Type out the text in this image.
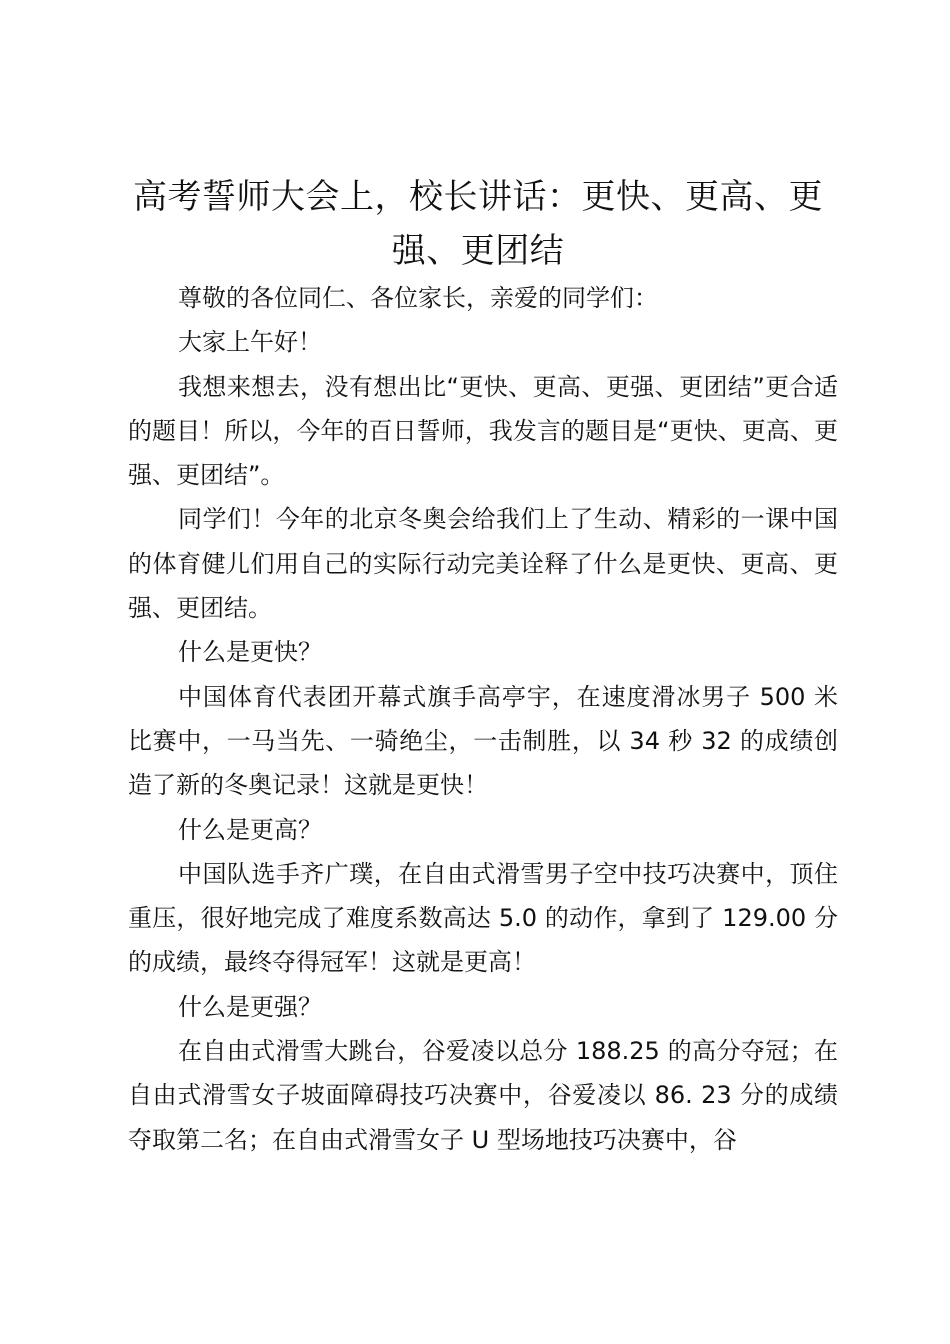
高考誓师大会上，校长讲话：更快、更高、更强、更团结

尊敬的各位同仁、各位家长，亲爱的同学们：

大家上午好！

我想来想去，没有想出比“更快、更高、更强、更团结”更合适的题目！所以，今年的百日誓师，我发言的题目是“更快、更高、更强、更团结”。

同学们！今年的北京冬奥会给我们上了生动、精彩的一课中国的体育健儿们用自己的实际行动完美诠释了什么是更快、更高、更强、更团结。

什么是更快？

中国体育代表团开幕式旗手高亭宇，在速度滑冰男子 500 米比赛中，一马当先、一骑绝尘，一击制胜，以 34 秒 32 的成绩创造了新的冬奥记录！这就是更快！

什么是更高？

中国队选手齐广璞，在自由式滑雪男子空中技巧决赛中，顶住重压，很好地完成了难度系数高达 5.0 的动作，拿到了 129.00 分的成绩，最终夺得冠军！这就是更高！

什么是更强？

在自由式滑雪大跳台，谷爱凌以总分 188.25 的高分夺冠；在自由式滑雪女子坡面障碍技巧决赛中，谷爱凌以 86. 23 分的成绩夺取第二名；在自由式滑雪女子 U 型场地技巧决赛中，谷
